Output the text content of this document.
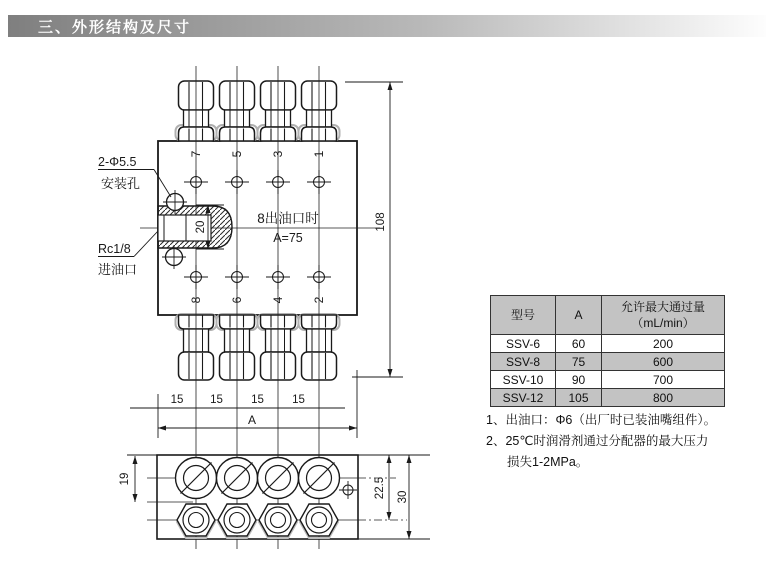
三、外形结构及尺寸
20
2-Φ5.5
安装孔
Rc1/8
进油口
8出油口时
A=75
7 5 3 1
8 6 4 2
108
15 15 15 15
A
19	22.5 30
型号	A	允许最大通过量
（mL/min）

SSV-6	60	200
SSV-8	75	600
SSV-10	90	700
SSV-12	105	800
1、出油口：Φ6（出厂时已装油嘴组件）。
2、25℃时润滑剂通过分配器的最大压力
损失1-2MPa。
